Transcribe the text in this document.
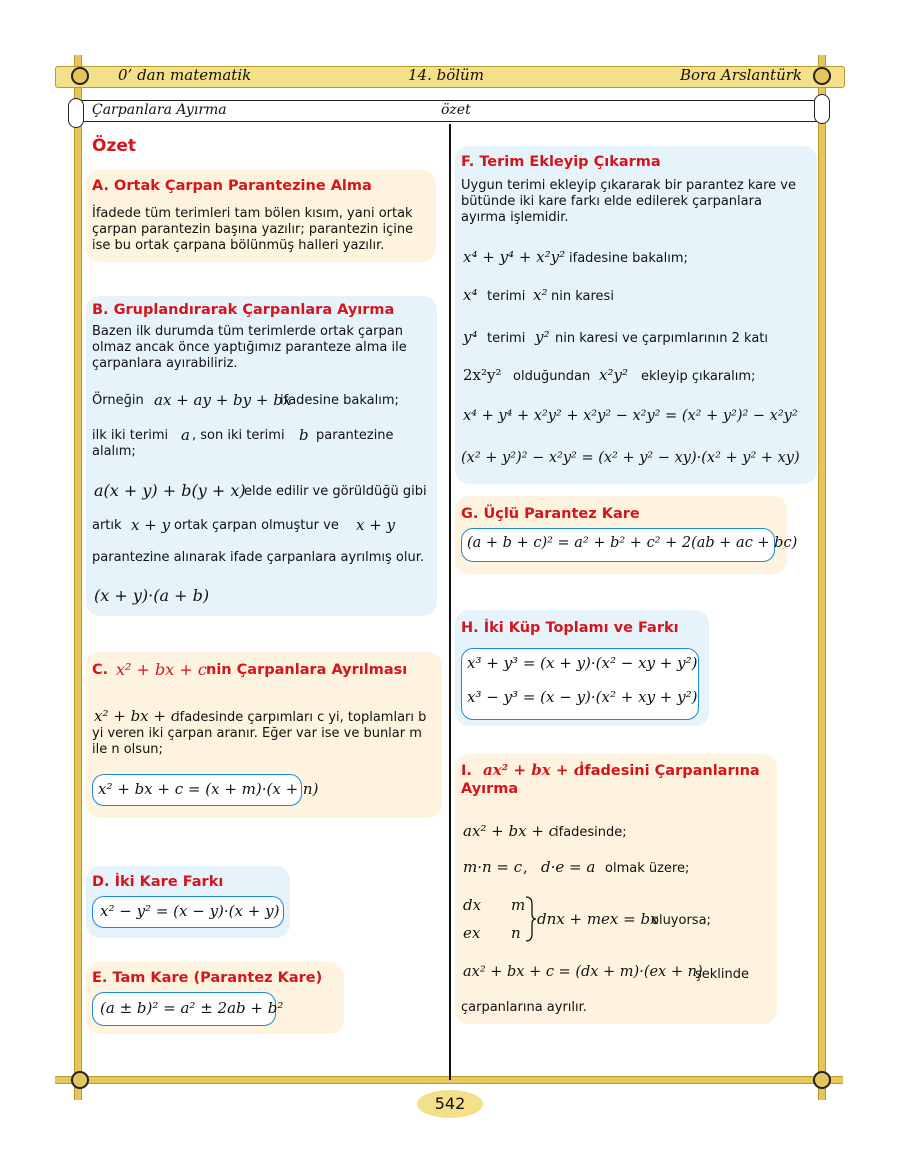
0’ dan matematik	14. bölüm	Bora Arslantürk
Çarpanlara Ayırma	özet
Özet
A. Ortak Çarpan Parantezine Alma
İfadede tüm terimleri tam bölen kısım, yani ortak çarpan parantezin başına yazılır; parantezin içine ise bu ortak çarpana bölünmüş halleri yazılır.
B. Gruplandırarak Çarpanlara Ayırma
Bazen ilk durumda tüm terimlerde ortak çarpan olmaz ancak önce yaptığımız paranteze alma ile çarpanlara ayırabiliriz.
Örneğin ax + ay + by + bx
ifadesine bakalım;
ilk iki terimi a , son iki terimi b parantezine alalım;
a(x + y) + b(y + x)
elde edilir ve görüldüğü gibi
artık x + y ortak çarpan olmuştur ve x + y
parantezine alınarak ifade çarpanlara ayrılmış olur.
(x + y)·(a + b)
C. x² + bx + c nin Çarpanlara Ayrılması
x² + bx + c
ifadesinde çarpımları c yi, toplamları b yi veren iki çarpan aranır. Eğer var ise ve bunlar m ile n olsun;
x² + bx + c = (x + m)·(x + n)
D. İki Kare Farkı
x² − y² = (x − y)·(x + y)
E. Tam Kare (Parantez Kare)
(a ± b)² = a² ± 2ab + b²
F. Terim Ekleyip Çıkarma
Uygun terimi ekleyip çıkararak bir parantez kare ve bütünde iki kare farkı elde edilerek çarpanlara ayırma işlemidir.
x⁴ + y⁴ + x²y² ifadesine bakalım;
x⁴ terimi x² nin karesi
y⁴ terimi y² nin karesi ve çarpımlarının 2 katı
2x²y² olduğundan x²y² ekleyip çıkaralım;
x⁴ + y⁴ + x²y² + x²y² − x²y² = (x² + y²)² − x²y²
(x² + y²)² − x²y² = (x² + y² − xy)·(x² + y² + xy)
G. Üçlü Parantez Kare
(a + b + c)² = a² + b² + c² + 2(ab + ac + bc)
H. İki Küp Toplamı ve Farkı
x³ + y³ = (x + y)·(x² − xy + y²)
x³ − y³ = (x − y)·(x² + xy + y²)
I. ax² + bx + c
İfadesini Çarpanlarına
Ayırma
ax² + bx + c
ifadesinde;
m·n = c , d·e = a olmak üzere;
dx m
ex n
dnx + mex = bx
oluyorsa;
ax² + bx + c = (dx + m)·(ex + n)
şeklinde
çarpanlarına ayrılır.
542
